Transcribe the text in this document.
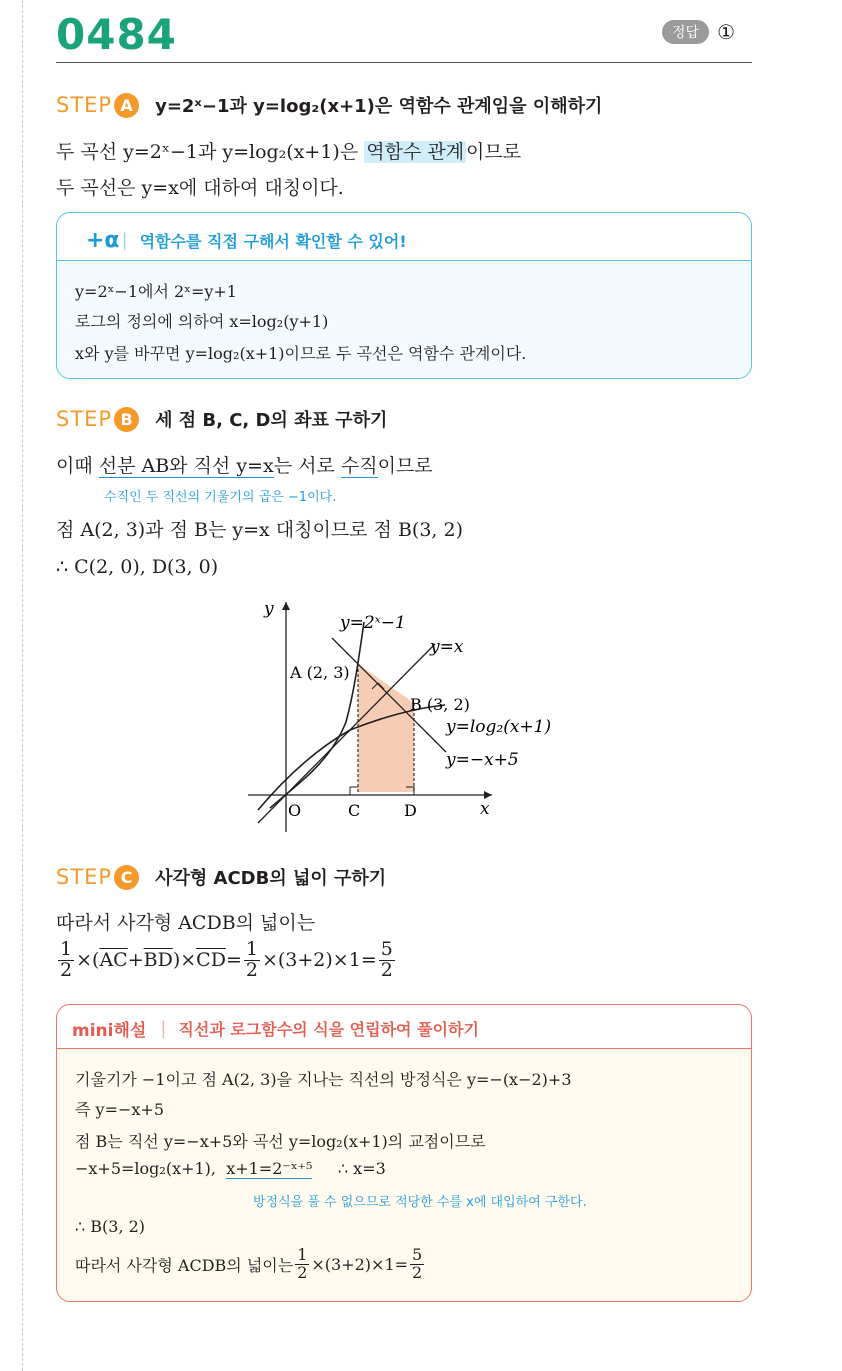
0484	정답 ①
STEP A	y=2ˣ−1과 y=log₂(x+1)은 역함수 관계임을 이해하기
두 곡선 y=2ˣ−1과 y=log₂(x+1)은 역함수 관계 이므로
두 곡선은 y=x에 대하여 대칭이다.
+α | 역함수를 직접 구해서 확인할 수 있어!
y=2ˣ−1에서 2ˣ=y+1
로그의 정의에 의하여 x=log₂(y+1)
x와 y를 바꾸면 y=log₂(x+1)이므로 두 곡선은 역함수 관계이다.
STEP B	세 점 B, C, D의 좌표 구하기
이때 선분 AB와 직선 y=x는 서로 수직이므로
수직인 두 직선의 기울기의 곱은 −1이다.
점 A(2, 3)과 점 B는 y=x 대칭이므로 점 B(3, 2)
∴ C(2, 0), D(3, 0)
y
x
O
y=2ˣ−1
y=x
A (2, 3)
B (3, 2)
y=log₂(x+1)
y=−x+5
C	D
STEP C	사각형 ACDB의 넓이 구하기
따라서 사각형 ACDB의 넓이는
$\frac{1}{2}$ ×( $\overline{AC} + \overline{BD}$ )× $\overline{CD} = \frac{1}{2} \times(3+2)\times 1= \frac{5}{2}$
mini해설 | 직선과 로그함수의 식을 연립하여 풀이하기
기울기가 −1이고 점 A(2, 3)을 지나는 직선의 방정식은 y=−(x−2)+3
즉 y=−x+5
점 B는 직선 y=−x+5와 곡선 y=log₂(x+1)의 교점이므로
−x+5=log₂(x+1), x+1=2⁻ˣ⁺⁵ ∴ x=3
방정식을 풀 수 없으므로 적당한 수를 x에 대입하여 구한다.
∴ B(3, 2)
따라서 사각형 ACDB의 넓이는 $\frac{1}{2} \times(3+2)\times 1= \frac{5}{2}$
